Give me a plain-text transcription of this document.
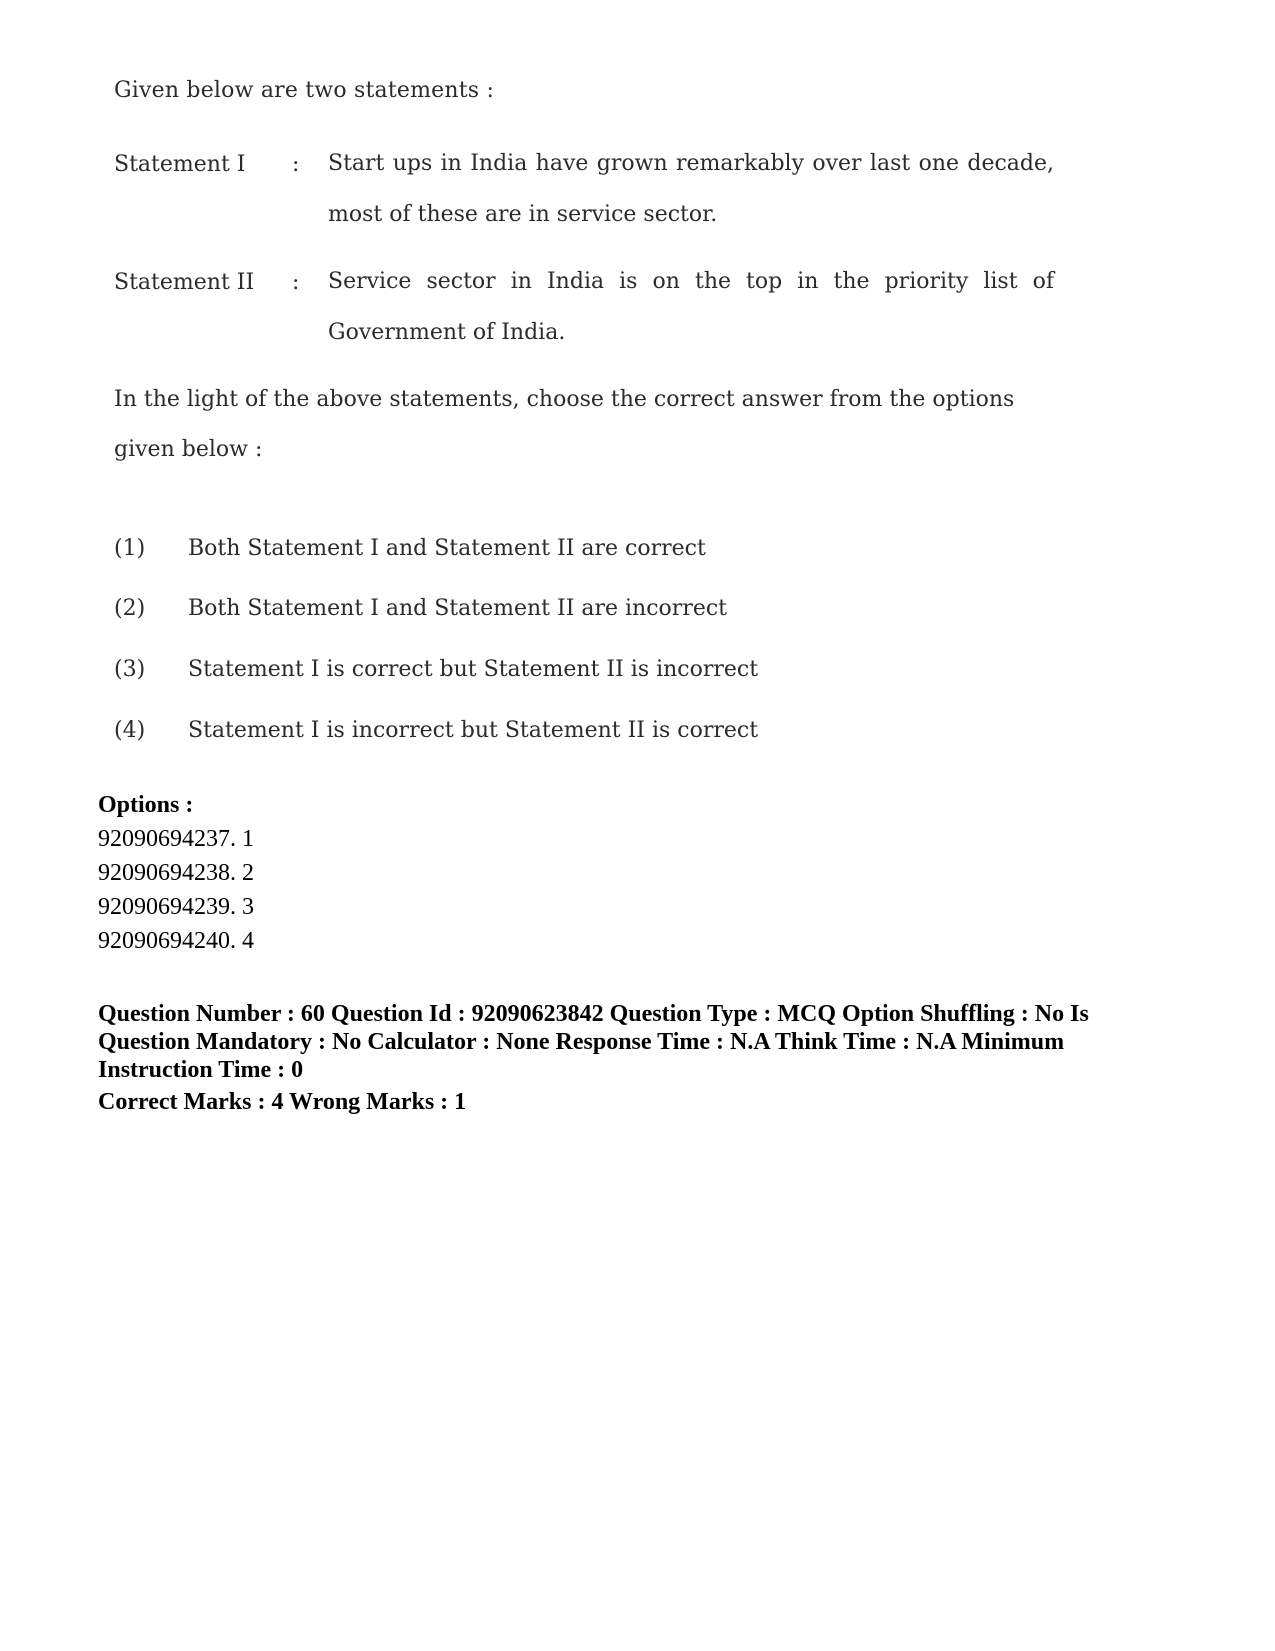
Given below are two statements :
Statement I : Start ups in India have grown remarkably over last one decade, most of these are in service sector.
Statement II : Service sector in India is on the top in the priority list of Government of India.
In the light of the above statements, choose the correct answer from the options given below :
(1) Both Statement I and Statement II are correct
(2) Both Statement I and Statement II are incorrect
(3) Statement I is correct but Statement II is incorrect
(4) Statement I is incorrect but Statement II is correct
Options :
92090694237. 1
92090694238. 2
92090694239. 3
92090694240. 4
Question Number : 60 Question Id : 92090623842 Question Type : MCQ Option Shuffling : No Is Question Mandatory : No Calculator : None Response Time : N.A Think Time : N.A Minimum Instruction Time : 0
Correct Marks : 4 Wrong Marks : 1
